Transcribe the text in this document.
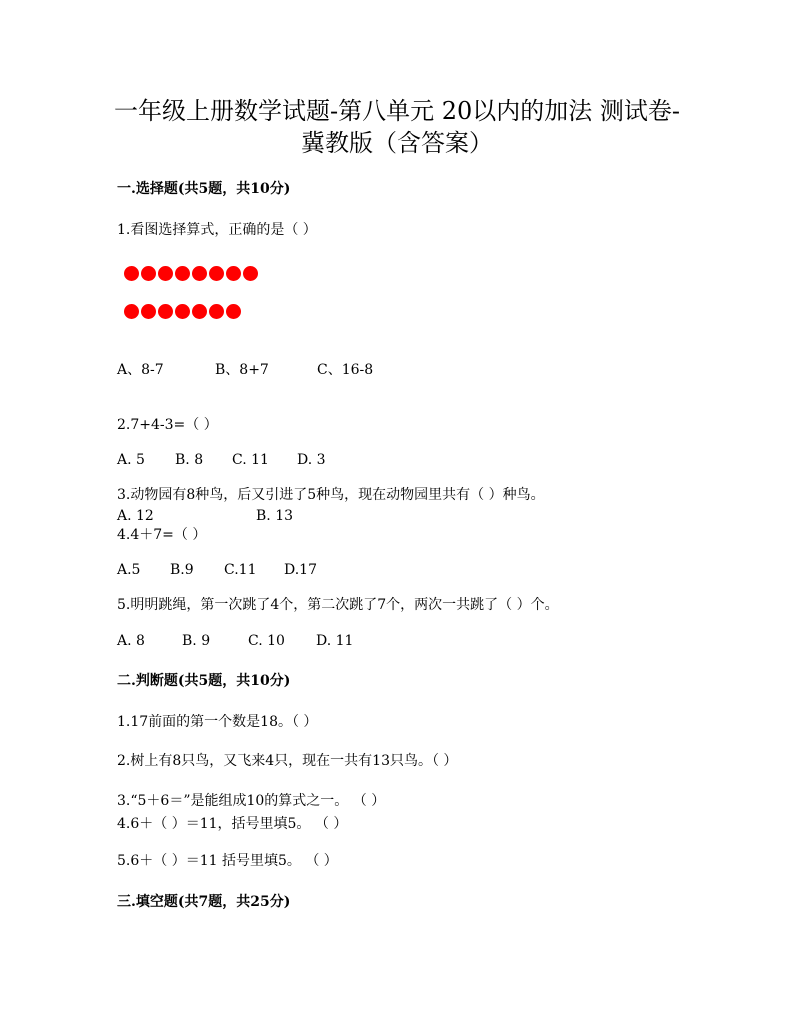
一年级上册数学试题-第八单元 20以内的加法 测试卷-
冀教版（含答案）
一.选择题(共5题，共10分)
1.看图选择算式，正确的是（ ）
A、8-7	B、8+7	C、16-8
2.7+4-3=（ ）
A. 5 B. 8 C. 11 D. 3
3.动物园有8种鸟，后又引进了5种鸟，现在动物园里共有（ ）种鸟。
A. 12	B. 13
4.4＋7=（ ）
A.5 B.9 C.11 D.17
5.明明跳绳，第一次跳了4个，第二次跳了7个，两次一共跳了（ ）个。
A. 8	B. 9	C. 10 D. 11
二.判断题(共5题，共10分)
1.17前面的第一个数是18。（ ）
2.树上有8只鸟，又飞来4只，现在一共有13只鸟。（ ）
3.“5＋6＝”是能组成10的算式之一。 （ ）
4.6＋（ ）＝11，括号里填5。 （ ）
5.6＋（ ）＝11 括号里填5。 （ ）
三.填空题(共7题，共25分)
